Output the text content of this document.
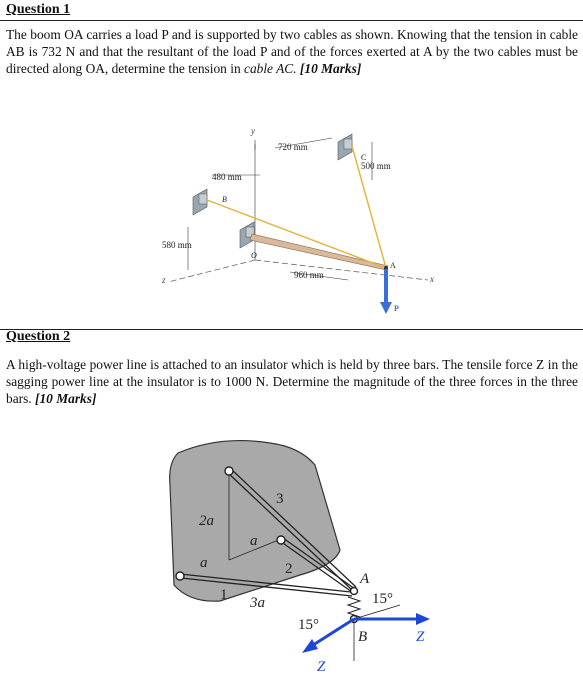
Question 1
The boom OA carries a load P and is supported by two cables as shown. Knowing that the tension in cable AB is 732 N and that the resultant of the load P and of the forces exerted at A by the two cables must be directed along OA, determine the tension in cable AC. [10 Marks]
y
x
z
720 mm
480 mm
500 mm
580 mm
960 mm
B
C
O
A
P
Question 2
A high-voltage power line is attached to an insulator which is held by three bars. The tensile force Z in the sagging power line at the insulator is to 1000 N. Determine the magnitude of the three forces in the three bars. [10 Marks]
2a
a
a
3
2
1 3a
A
15°
15°
B	Z
Z
